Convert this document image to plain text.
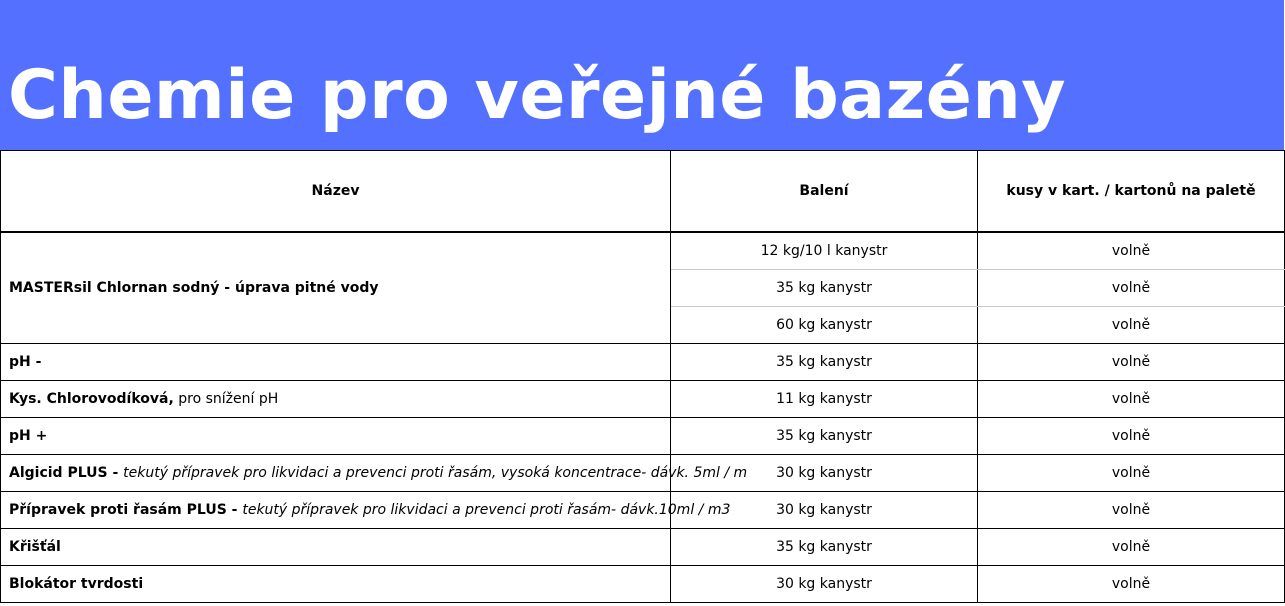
Chemie pro veřejné bazény
Název	Balení	kusy v kart. / kartonů na paletě
MASTERsil Chlornan sodný - úprava pitné vody	12 kg/10 l kanystr	volně
	35 kg kanystr	volně
	60 kg kanystr	volně
pH -	35 kg kanystr	volně
Kys. Chlorovodíková, pro snížení pH	11 kg kanystr	volně
pH +	35 kg kanystr	volně
Algicid PLUS - tekutý přípravek pro likvidaci a prevenci proti řasám, vysoká koncentrace- dávk. 5ml / m	30 kg kanystr	volně
Přípravek proti řasám PLUS - tekutý přípravek pro likvidaci a prevenci proti řasám- dávk.10ml / m3	30 kg kanystr	volně
Křišťál	35 kg kanystr	volně
Blokátor tvrdosti	30 kg kanystr	volně
